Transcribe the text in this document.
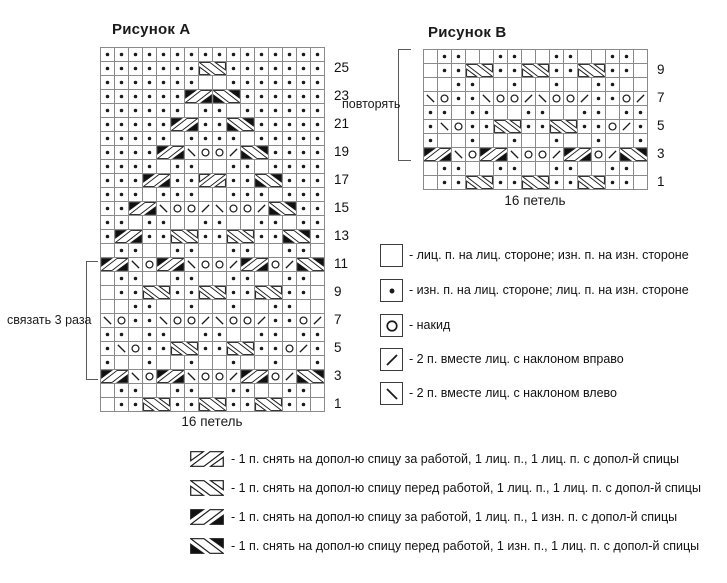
Рисунок A
25
23
21
19
17
15
13
11
9
7
5
3
1
16 петель
связать 3 раза
Рисунок B
9
7
5
3
1
16 петель
повторять
- лиц. п. на лиц. стороне; изн. п. на изн. стороне
- изн. п. на лиц. стороне; лиц. п. на изн. стороне
- накид
- 2 п. вместе лиц. с наклоном вправо
- 2 п. вместе лиц. с наклоном влево
- 1 п. снять на допол-ю спицу за работой, 1 лиц. п., 1 лиц. п. с допол-й спицы
- 1 п. снять на допол-ю спицу перед работой, 1 лиц. п., 1 лиц. п. с допол-й спицы
- 1 п. снять на допол-ю спицу за работой, 1 лиц. п., 1 изн. п. с допол-й спицы
- 1 п. снять на допол-ю спицу перед работой, 1 изн. п., 1 лиц. п. с допол-й спицы
